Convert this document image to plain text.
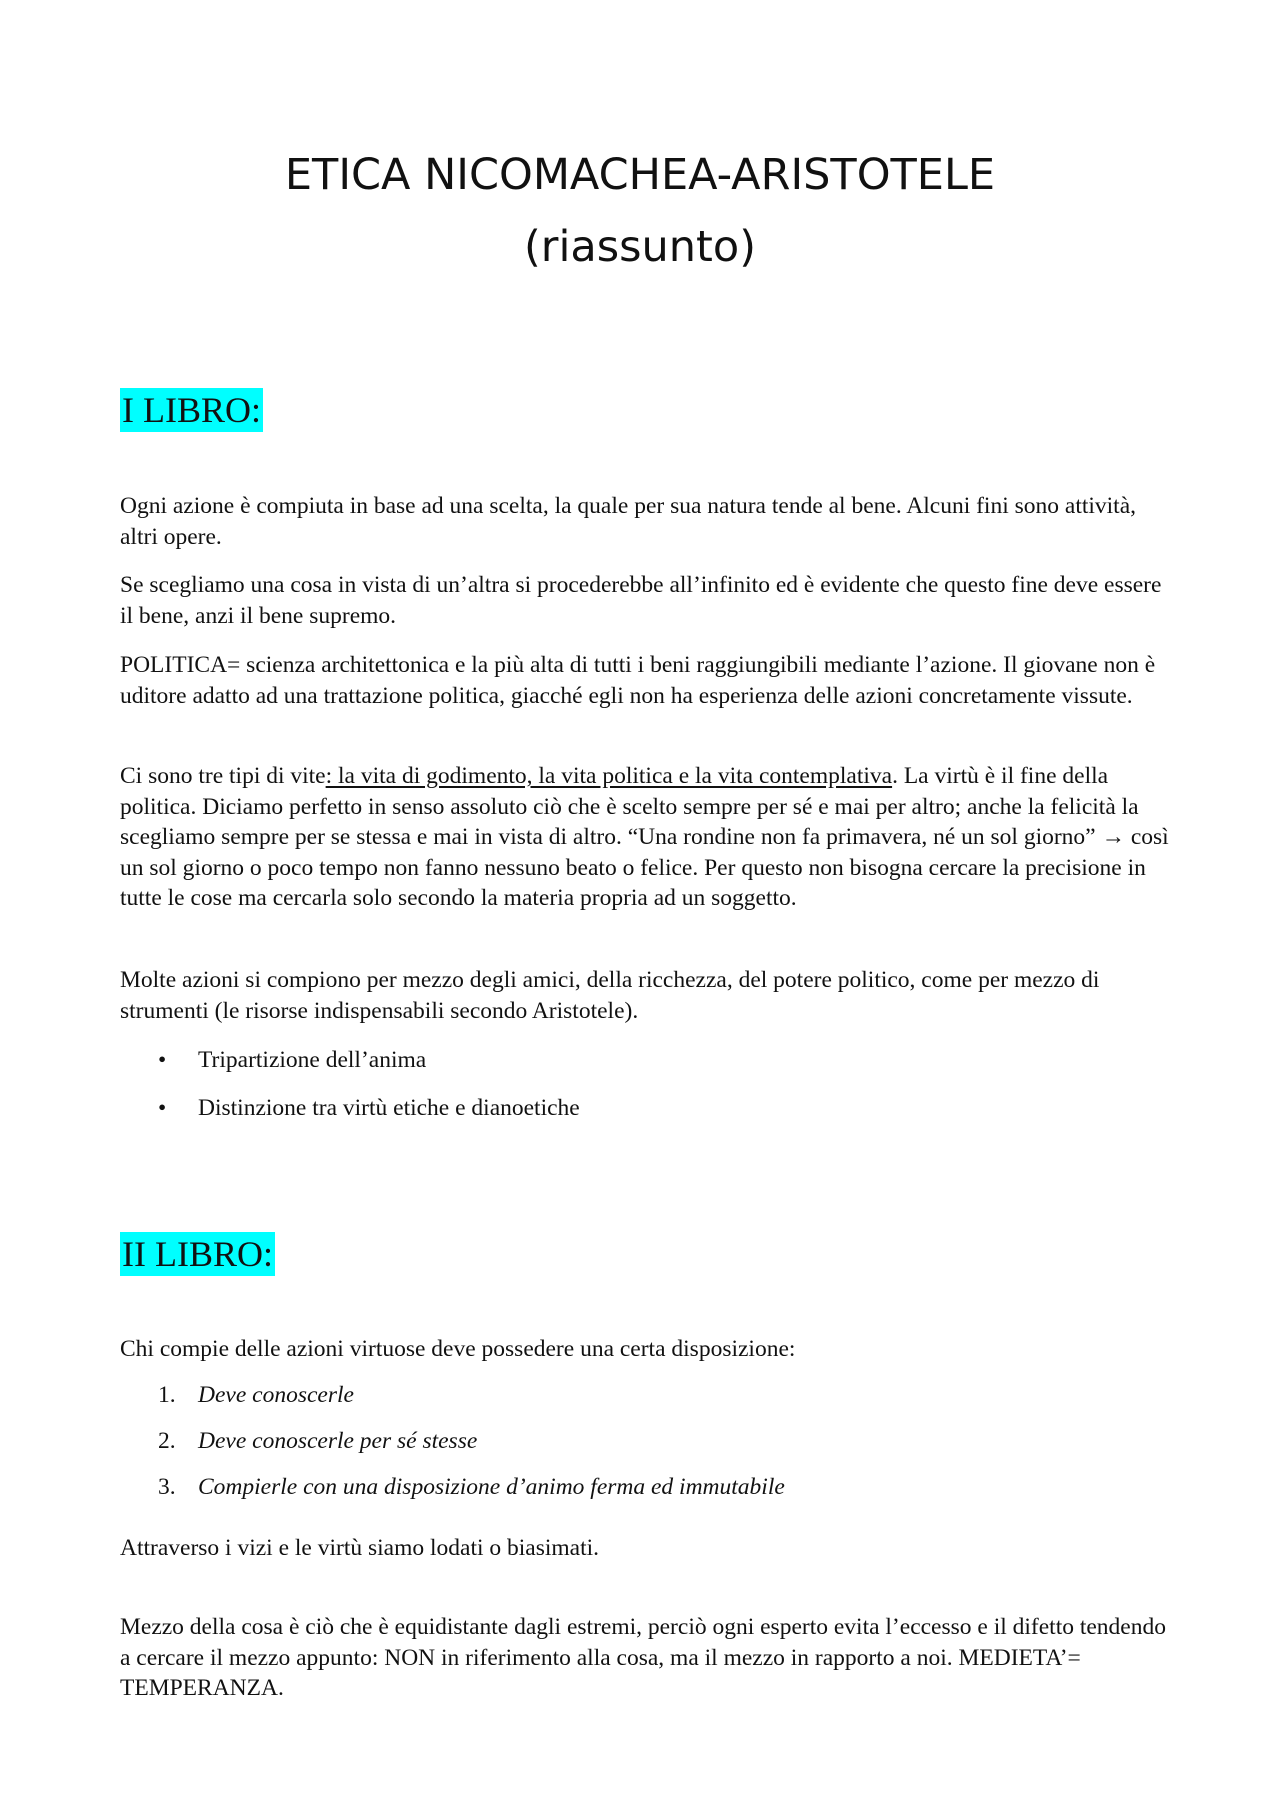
ETICA NICOMACHEA-ARISTOTELE
(riassunto)
I LIBRO:

Ogni azione è compiuta in base ad una scelta, la quale per sua natura tende al bene. Alcuni fini sono attività, altri opere.

Se scegliamo una cosa in vista di un’altra si procederebbe all’infinito ed è evidente che questo fine deve essere il bene, anzi il bene supremo.

POLITICA= scienza architettonica e la più alta di tutti i beni raggiungibili mediante l’azione. Il giovane non è uditore adatto ad una trattazione politica, giacché egli non ha esperienza delle azioni concretamente vissute.

Ci sono tre tipi di vite: la vita di godimento, la vita politica e la vita contemplativa. La virtù è il fine della politica. Diciamo perfetto in senso assoluto ciò che è scelto sempre per sé e mai per altro; anche la felicità la scegliamo sempre per se stessa e mai in vista di altro. “Una rondine non fa primavera, né un sol giorno” → così un sol giorno o poco tempo non fanno nessuno beato o felice. Per questo non bisogna cercare la precisione in tutte le cose ma cercarla solo secondo la materia propria ad un soggetto.

Molte azioni si compiono per mezzo degli amici, della ricchezza, del potere politico, come per mezzo di strumenti (le risorse indispensabili secondo Aristotele).

• Tripartizione dell’anima
• Distinzione tra virtù etiche e dianoetiche
II LIBRO:

Chi compie delle azioni virtuose deve possedere una certa disposizione:

1. Deve conoscerle
2. Deve conoscerle per sé stesse
3. Compierle con una disposizione d’animo ferma ed immutabile

Attraverso i vizi e le virtù siamo lodati o biasimati.

Mezzo della cosa è ciò che è equidistante dagli estremi, perciò ogni esperto evita l’eccesso e il difetto tendendo a cercare il mezzo appunto: NON in riferimento alla cosa, ma il mezzo in rapporto a noi. MEDIETA’= TEMPERANZA.
